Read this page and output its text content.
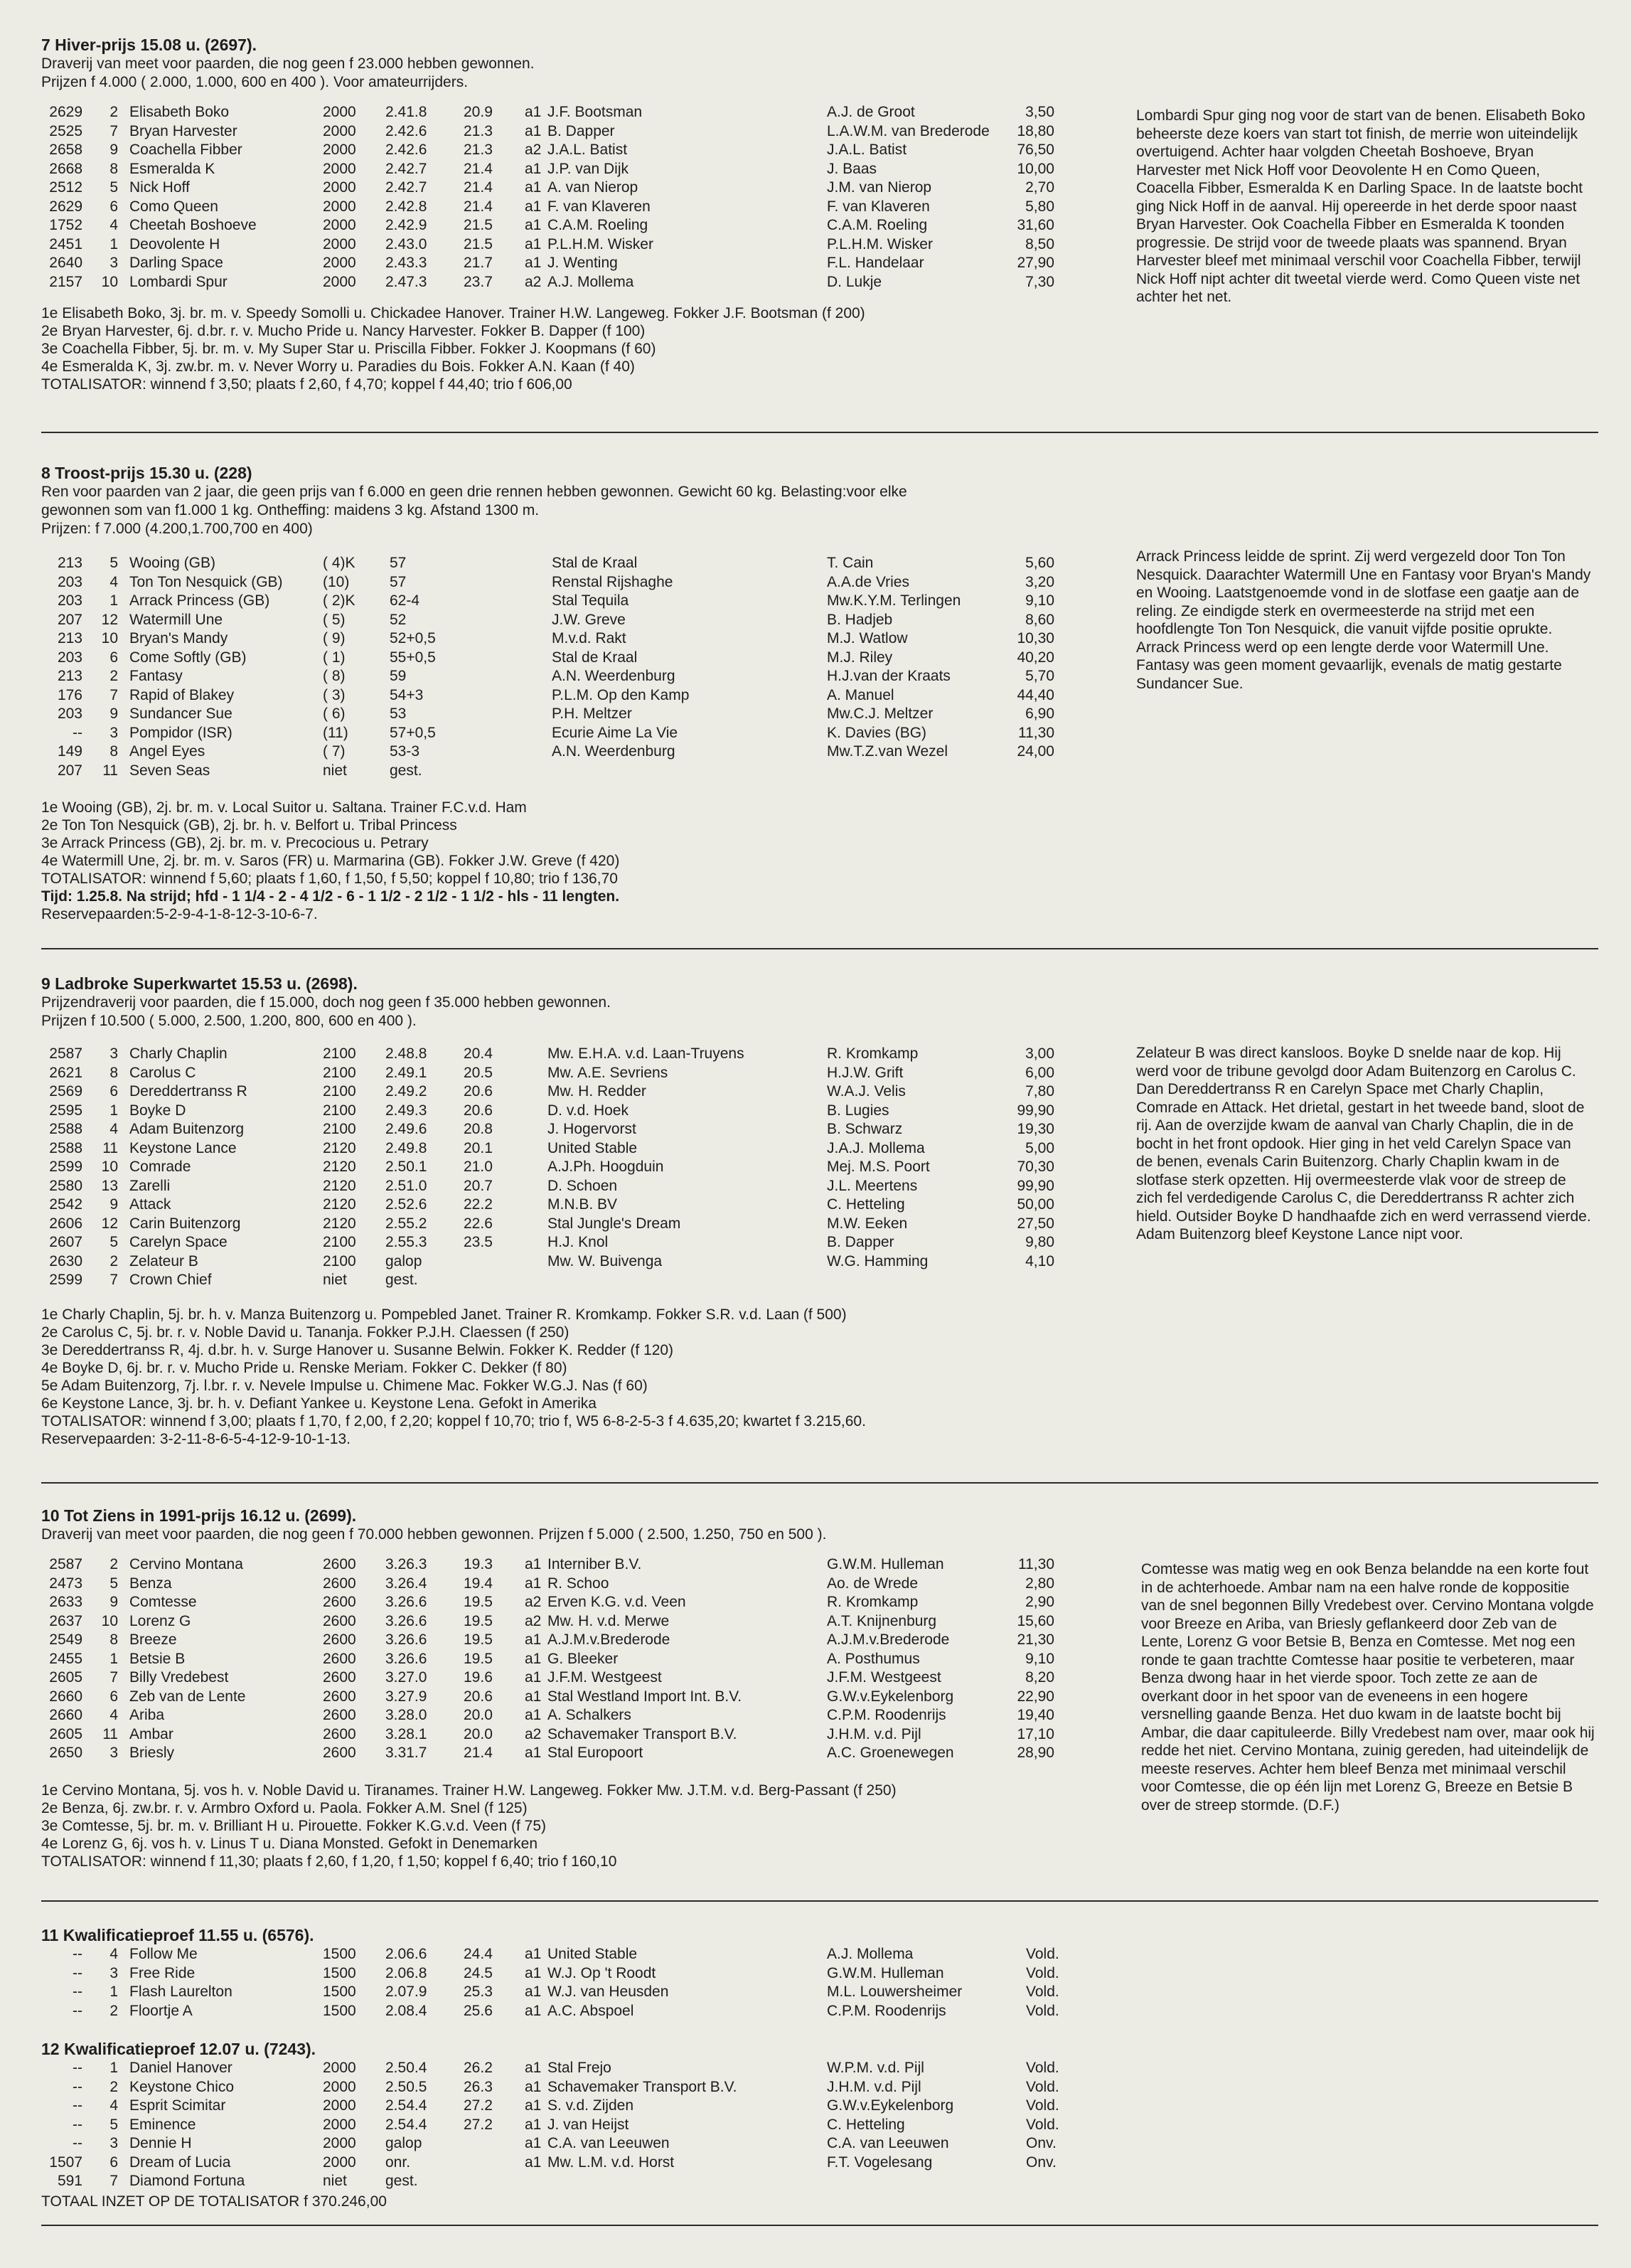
7 Hiver-prijs 15.08 u. (2697).
Draverij van meet voor paarden, die nog geen f 23.000 hebben gewonnen.
Prijzen f 4.000 ( 2.000, 1.000, 600 en 400 ). Voor amateurrijders.
2629	2 Elisabeth Boko	2000 2.41.8 20.9 a1 J.F. Bootsman	A.J. de Groot	3,50
2525	7 Bryan Harvester	2000 2.42.6 21.3 a1 B. Dapper	L.A.W.M. van Brederode 18,80
2658	9 Coachella Fibber	2000 2.42.6 21.3 a2 J.A.L. Batist	J.A.L. Batist	76,50
2668	8 Esmeralda K	2000 2.42.7 21.4 a1 J.P. van Dijk	J. Baas	10,00
2512	5 Nick Hoff	2000 2.42.7 21.4 a1 A. van Nierop	J.M. van Nierop	2,70
2629	6 Como Queen	2000 2.42.8 21.4 a1 F. van Klaveren	F. van Klaveren	5,80
1752	4 Cheetah Boshoeve	2000 2.42.9 21.5 a1 C.A.M. Roeling	C.A.M. Roeling	31,60
2451	1 Deovolente H	2000 2.43.0 21.5 a1 P.L.H.M. Wisker	P.L.H.M. Wisker	8,50
2640	3 Darling Space	2000 2.43.3 21.7 a1 J. Wenting	F.L. Handelaar	27,90
2157	10 Lombardi Spur	2000 2.47.3 23.7 a2 A.J. Mollema	D. Lukje	7,30
1e Elisabeth Boko, 3j. br. m. v. Speedy Somolli u. Chickadee Hanover. Trainer H.W. Langeweg. Fokker J.F. Bootsman (f 200)
2e Bryan Harvester, 6j. d.br. r. v. Mucho Pride u. Nancy Harvester. Fokker B. Dapper (f 100)
3e Coachella Fibber, 5j. br. m. v. My Super Star u. Priscilla Fibber. Fokker J. Koopmans (f 60)
4e Esmeralda K, 3j. zw.br. m. v. Never Worry u. Paradies du Bois. Fokker A.N. Kaan (f 40)
TOTALISATOR: winnend f 3,50; plaats f 2,60, f 4,70; koppel f 44,40; trio f 606,00
Lombardi Spur ging nog voor de start van de benen. Elisabeth Boko beheerste deze koers van start tot finish, de merrie won uiteindelijk overtuigend. Achter haar volgden Cheetah Boshoeve, Bryan Harvester met Nick Hoff voor Deovolente H en Como Queen, Coacella Fibber, Esmeralda K en Darling Space. In de laatste bocht ging Nick Hoff in de aanval. Hij opereerde in het derde spoor naast Bryan Harvester. Ook Coachella Fibber en Esmeralda K toonden progressie. De strijd voor de tweede plaats was spannend. Bryan Harvester bleef met minimaal verschil voor Coachella Fibber, terwijl Nick Hoff nipt achter dit tweetal vierde werd. Como Queen viste net achter het net.
8 Troost-prijs 15.30 u. (228)
Ren voor paarden van 2 jaar, die geen prijs van f 6.000 en geen drie rennen hebben gewonnen. Gewicht 60 kg. Belasting:voor elke
gewonnen som van f1.000 1 kg. Ontheffing: maidens 3 kg. Afstand 1300 m.
Prijzen: f 7.000 (4.200,1.700,700 en 400)
213	5 Wooing (GB)	( 4)K 57	Stal de Kraal	T. Cain	5,60
203	4 Ton Ton Nesquick (GB)	(10)	57	Renstal Rijshaghe	A.A.de Vries	3,20
203	1 Arrack Princess (GB)	( 2)K 62-4	Stal Tequila	Mw.K.Y.M. Terlingen	9,10
207	12 Watermill Une	( 5)	52	J.W. Greve	B. Hadjeb	8,60
213	10 Bryan's Mandy	( 9)	52+0,5	M.v.d. Rakt	M.J. Watlow	10,30
203	6 Come Softly (GB)	( 1)	55+0,5	Stal de Kraal	M.J. Riley	40,20
213	2 Fantasy	( 8)	59	A.N. Weerdenburg	H.J.van der Kraats	5,70
176	7 Rapid of Blakey	( 3)	54+3	P.L.M. Op den Kamp	A. Manuel	44,40
203	9 Sundancer Sue	( 6)	53	P.H. Meltzer	Mw.C.J. Meltzer	6,90
--	3 Pompidor (ISR)	(11)	57+0,5	Ecurie Aime La Vie	K. Davies (BG)	11,30
149	8 Angel Eyes	( 7)	53-3	A.N. Weerdenburg	Mw.T.Z.van Wezel	24,00
207	11 Seven Seas	niet	gest.
1e Wooing (GB), 2j. br. m. v. Local Suitor u. Saltana. Trainer F.C.v.d. Ham
2e Ton Ton Nesquick (GB), 2j. br. h. v. Belfort u. Tribal Princess
3e Arrack Princess (GB), 2j. br. m. v. Precocious u. Petrary
4e Watermill Une, 2j. br. m. v. Saros (FR) u. Marmarina (GB). Fokker J.W. Greve (f 420)
TOTALISATOR: winnend f 5,60; plaats f 1,60, f 1,50, f 5,50; koppel f 10,80; trio f 136,70
Tijd: 1.25.8. Na strijd; hfd - 1 1/4 - 2 - 4 1/2 - 6 - 1 1/2 - 2 1/2 - 1 1/2 - hls - 11 lengten.
Reservepaarden:5-2-9-4-1-8-12-3-10-6-7.
Arrack Princess leidde de sprint. Zij werd vergezeld door Ton Ton Nesquick. Daarachter Watermill Une en Fantasy voor Bryan's Mandy en Wooing. Laatstgenoemde vond in de slotfase een gaatje aan de reling. Ze eindigde sterk en overmeesterde na strijd met een hoofdlengte Ton Ton Nesquick, die vanuit vijfde positie oprukte. Arrack Princess werd op een lengte derde voor Watermill Une. Fantasy was geen moment gevaarlijk, evenals de matig gestarte Sundancer Sue.
9 Ladbroke Superkwartet 15.53 u. (2698).
Prijzendraverij voor paarden, die f 15.000, doch nog geen f 35.000 hebben gewonnen.
Prijzen f 10.500 ( 5.000, 2.500, 1.200, 800, 600 en 400 ).
2587	3 Charly Chaplin	2100 2.48.8 20.4	Mw. E.H.A. v.d. Laan-Truyens	R. Kromkamp	3,00
2621	8 Carolus C	2100 2.49.1 20.5	Mw. A.E. Sevriens	H.J.W. Grift	6,00
2569	6 Dereddertranss R	2100 2.49.2 20.6	Mw. H. Redder	W.A.J. Velis	7,80
2595	1 Boyke D	2100 2.49.3 20.6	D. v.d. Hoek	B. Lugies	99,90
2588	4 Adam Buitenzorg	2100 2.49.6 20.8	J. Hogervorst	B. Schwarz	19,30
2588	11 Keystone Lance	2120 2.49.8 20.1	United Stable	J.A.J. Mollema	5,00
2599	10 Comrade	2120 2.50.1 21.0	A.J.Ph. Hoogduin	Mej. M.S. Poort	70,30
2580	13 Zarelli	2120 2.51.0 20.7	D. Schoen	J.L. Meertens	99,90
2542	9 Attack	2120 2.52.6 22.2	M.N.B. BV	C. Hetteling	50,00
2606	12 Carin Buitenzorg	2120 2.55.2 22.6	Stal Jungle's Dream	M.W. Eeken	27,50
2607	5 Carelyn Space	2100 2.55.3 23.5	H.J. Knol	B. Dapper	9,80
2630	2 Zelateur B	2100 galop	Mw. W. Buivenga	W.G. Hamming	4,10
2599	7 Crown Chief	niet	gest.
1e Charly Chaplin, 5j. br. h. v. Manza Buitenzorg u. Pompebled Janet. Trainer R. Kromkamp. Fokker S.R. v.d. Laan (f 500)
2e Carolus C, 5j. br. r. v. Noble David u. Tananja. Fokker P.J.H. Claessen (f 250)
3e Dereddertranss R, 4j. d.br. h. v. Surge Hanover u. Susanne Belwin. Fokker K. Redder (f 120)
4e Boyke D, 6j. br. r. v. Mucho Pride u. Renske Meriam. Fokker C. Dekker (f 80)
5e Adam Buitenzorg, 7j. l.br. r. v. Nevele Impulse u. Chimene Mac. Fokker W.G.J. Nas (f 60)
6e Keystone Lance, 3j. br. h. v. Defiant Yankee u. Keystone Lena. Gefokt in Amerika
TOTALISATOR: winnend f 3,00; plaats f 1,70, f 2,00, f 2,20; koppel f 10,70; trio f, W5 6-8-2-5-3 f 4.635,20; kwartet f 3.215,60.
Reservepaarden: 3-2-11-8-6-5-4-12-9-10-1-13.
Zelateur B was direct kansloos. Boyke D snelde naar de kop. Hij werd voor de tribune gevolgd door Adam Buitenzorg en Carolus C. Dan Dereddertranss R en Carelyn Space met Charly Chaplin, Comrade en Attack. Het drietal, gestart in het tweede band, sloot de rij. Aan de overzijde kwam de aanval van Charly Chaplin, die in de bocht in het front opdook. Hier ging in het veld Carelyn Space van de benen, evenals Carin Buitenzorg. Charly Chaplin kwam in de slotfase sterk opzetten. Hij overmeesterde vlak voor de streep de zich fel verdedigende Carolus C, die Dereddertranss R achter zich hield. Outsider Boyke D handhaafde zich en werd verrassend vierde. Adam Buitenzorg bleef Keystone Lance nipt voor.
10 Tot Ziens in 1991-prijs 16.12 u. (2699).
Draverij van meet voor paarden, die nog geen f 70.000 hebben gewonnen. Prijzen f 5.000 ( 2.500, 1.250, 750 en 500 ).
2587	2 Cervino Montana	2600 3.26.3 19.3 a1 Interniber B.V.	G.W.M. Hulleman	11,30
2473	5 Benza	2600 3.26.4 19.4 a1 R. Schoo	Ao. de Wrede	2,80
2633	9 Comtesse	2600 3.26.6 19.5 a2 Erven K.G. v.d. Veen	R. Kromkamp	2,90
2637	10 Lorenz G	2600 3.26.6 19.5 a2 Mw. H. v.d. Merwe	A.T. Knijnenburg	15,60
2549	8 Breeze	2600 3.26.6 19.5 a1 A.J.M.v.Brederode	A.J.M.v.Brederode	21,30
2455	1 Betsie B	2600 3.26.6 19.5 a1 G. Bleeker	A. Posthumus	9,10
2605	7 Billy Vredebest	2600 3.27.0 19.6 a1 J.F.M. Westgeest	J.F.M. Westgeest	8,20
2660	6 Zeb van de Lente	2600 3.27.9 20.6 a1 Stal Westland Import Int. B.V.	G.W.v.Eykelenborg	22,90
2660	4 Ariba	2600 3.28.0 20.0 a1 A. Schalkers	C.P.M. Roodenrijs	19,40
2605	11 Ambar	2600 3.28.1 20.0 a2 Schavemaker Transport B.V.	J.H.M. v.d. Pijl	17,10
2650	3 Briesly	2600 3.31.7 21.4 a1 Stal Europoort	A.C. Groenewegen	28,90
1e Cervino Montana, 5j. vos h. v. Noble David u. Tiranames. Trainer H.W. Langeweg. Fokker Mw. J.T.M. v.d. Berg-Passant (f 250)
2e Benza, 6j. zw.br. r. v. Armbro Oxford u. Paola. Fokker A.M. Snel (f 125)
3e Comtesse, 5j. br. m. v. Brilliant H u. Pirouette. Fokker K.G.v.d. Veen (f 75)
4e Lorenz G, 6j. vos h. v. Linus T u. Diana Monsted. Gefokt in Denemarken
TOTALISATOR: winnend f 11,30; plaats f 2,60, f 1,20, f 1,50; koppel f 6,40; trio f 160,10
Comtesse was matig weg en ook Benza belandde na een korte fout in de achterhoede. Ambar nam na een halve ronde de koppositie van de snel begonnen Billy Vredebest over. Cervino Montana volgde voor Breeze en Ariba, van Briesly geflankeerd door Zeb van de Lente, Lorenz G voor Betsie B, Benza en Comtesse. Met nog een ronde te gaan trachtte Comtesse haar positie te verbeteren, maar Benza dwong haar in het vierde spoor. Toch zette ze aan de overkant door in het spoor van de eveneens in een hogere versnelling gaande Benza. Het duo kwam in de laatste bocht bij Ambar, die daar capituleerde. Billy Vredebest nam over, maar ook hij redde het niet. Cervino Montana, zuinig gereden, had uiteindelijk de meeste reserves. Achter hem bleef Benza met minimaal verschil voor Comtesse, die op één lijn met Lorenz G, Breeze en Betsie B over de streep stormde. (D.F.)
11 Kwalificatieproef 11.55 u. (6576).
--	4 Follow Me	1500 2.06.6 24.4 a1 United Stable	A.J. Mollema	Vold.
--	3 Free Ride	1500 2.06.8 24.5 a1 W.J. Op 't Roodt	G.W.M. Hulleman	Vold.
--	1 Flash Laurelton	1500 2.07.9 25.3 a1 W.J. van Heusden	M.L. Louwersheimer	Vold.
--	2 Floortje A	1500 2.08.4 25.6 a1 A.C. Abspoel	C.P.M. Roodenrijs	Vold.
12 Kwalificatieproef 12.07 u. (7243).
--	1 Daniel Hanover	2000 2.50.4 26.2 a1 Stal Frejo	W.P.M. v.d. Pijl	Vold.
--	2 Keystone Chico	2000 2.50.5 26.3 a1 Schavemaker Transport B.V.	J.H.M. v.d. Pijl	Vold.
--	4 Esprit Scimitar	2000 2.54.4 27.2 a1 S. v.d. Zijden	G.W.v.Eykelenborg	Vold.
--	5 Eminence	2000 2.54.4 27.2 a1 J. van Heijst	C. Hetteling	Vold.
--	3 Dennie H	2000 galop	a1 C.A. van Leeuwen	C.A. van Leeuwen	Onv.
1507	6 Dream of Lucia	2000 onr.	a1 Mw. L.M. v.d. Horst	F.T. Vogelesang	Onv.
591	7 Diamond Fortuna	niet	gest.
TOTAAL INZET OP DE TOTALISATOR f 370.246,00
